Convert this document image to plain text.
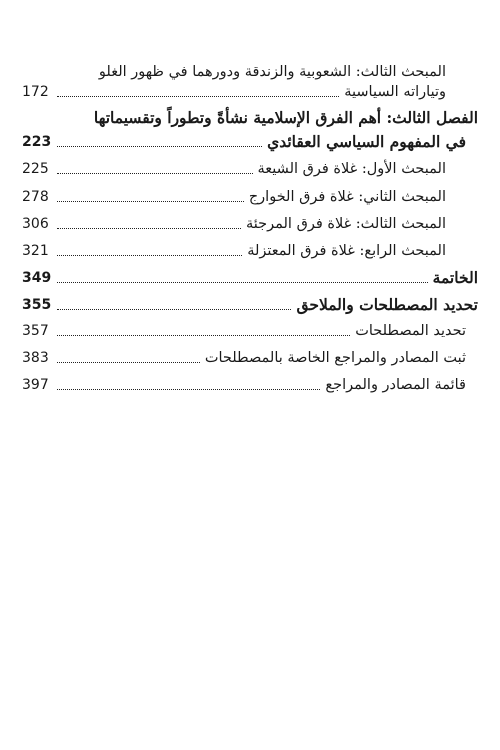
المبحث الثالث: الشعوبية والزندقة ودورهما في ظهور الغلو
وتياراته السياسية
172
الفصل الثالث: أهم الفرق الإسلامية نشأةً وتطوراً وتقسيماتها
في المفهوم السياسي العقائدي
223
المبحث الأول: غلاة فرق الشيعة
225
المبحث الثاني: غلاة فرق الخوارج
278
المبحث الثالث: غلاة فرق المرجئة
306
المبحث الرابع: غلاة فرق المعتزلة
321
الخاتمة
349
تحديد المصطلحات والملاحق
355
تحديد المصطلحات
357
ثبت المصادر والمراجع الخاصة بالمصطلحات
383
قائمة المصادر والمراجع
397
